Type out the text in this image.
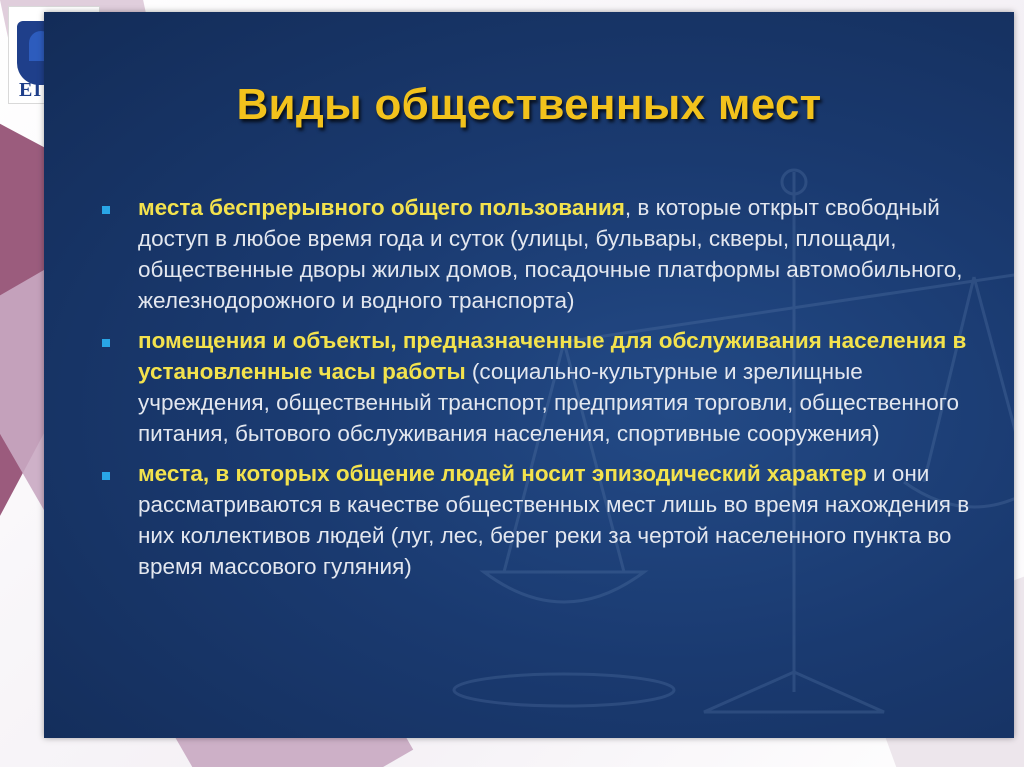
EI	Виды общественных мест
места беспрерывного общего пользования, в которые открыт свободный доступ в любое время года и суток (улицы, бульвары, скверы, площади, общественные дворы жилых домов, посадочные платформы автомобильного, железнодорожного и водного транспорта)
помещения и объекты, предназначенные для обслуживания населения в установленные часы работы (социально-культурные и зрелищные учреждения, общественный транспорт, предприятия торговли, общественного питания, бытового обслуживания населения, спортивные сооружения)
места, в которых общение людей носит эпизодический характер и они рассматриваются в качестве общественных мест лишь во время нахождения в них коллективов людей (луг, лес, берег реки за чертой населенного пункта во время массового гуляния)
